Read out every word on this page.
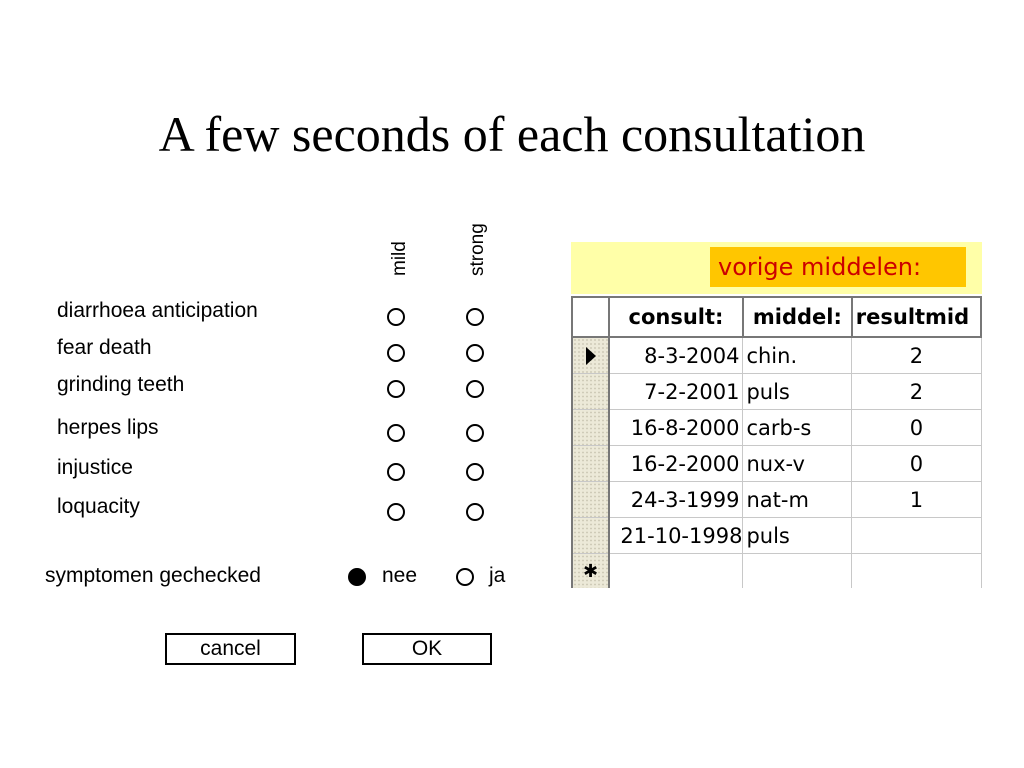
A few seconds of each consultation
mild	strong
diarrhoea anticipation
fear death
grinding teeth
herpes lips
injustice
loquacity
symptomen gechecked	nee	ja
cancel	OK
vorige middelen:
	consult:	middel:	resultmid
	8-3-2004	chin.	2
	7-2-2001	puls	2
	16-8-2000	carb-s	0
	16-2-2000	nux-v	0
	24-3-1999	nat-m	1
	21-10-1998	puls	
✱			
